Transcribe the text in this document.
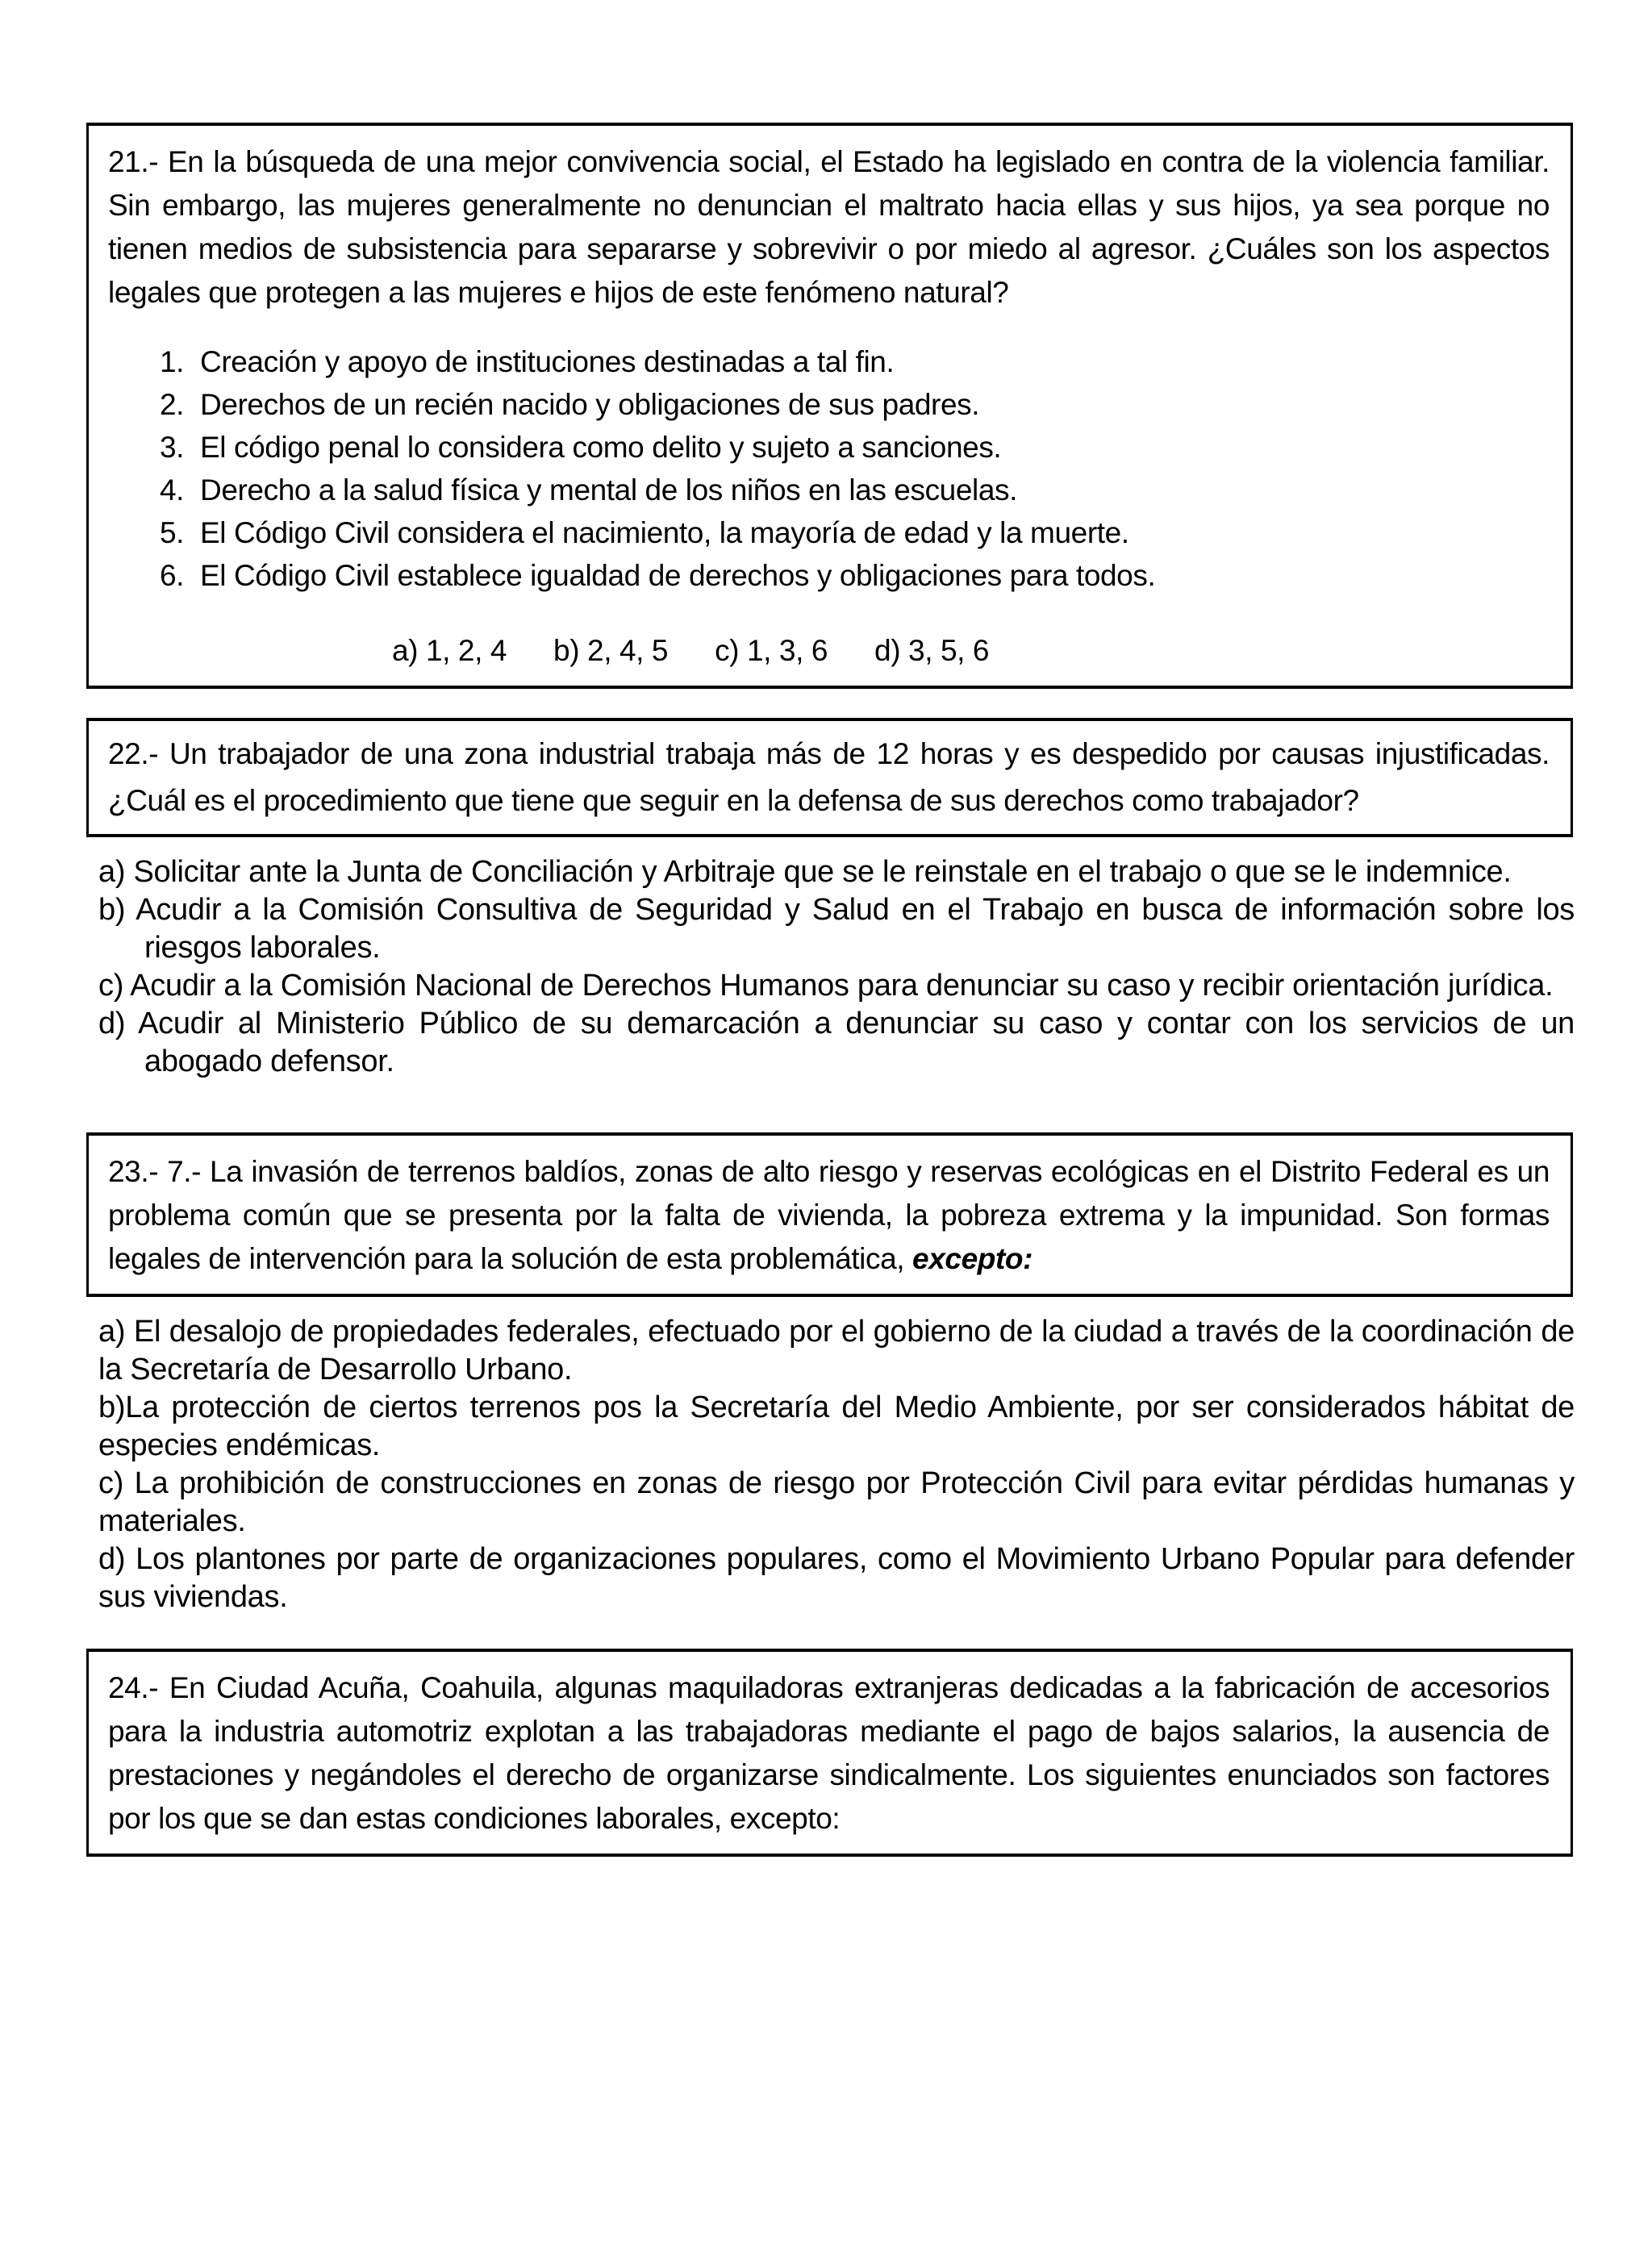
21.- En la búsqueda de una mejor convivencia social, el Estado ha legislado en contra de la violencia familiar. Sin embargo, las mujeres generalmente no denuncian el maltrato hacia ellas y sus hijos, ya sea porque no tienen medios de subsistencia para separarse y sobrevivir o por miedo al agresor. ¿Cuáles son los aspectos legales que protegen a las mujeres e hijos de este fenómeno natural?

1. Creación y apoyo de instituciones destinadas a tal fin.
2. Derechos de un recién nacido y obligaciones de sus padres.
3. El código penal lo considera como delito y sujeto a sanciones.
4. Derecho a la salud física y mental de los niños en las escuelas.
5. El Código Civil considera el nacimiento, la mayoría de edad y la muerte.
6. El Código Civil establece igualdad de derechos y obligaciones para todos.
a) 1, 2, 4 b) 2, 4, 5 c) 1, 3, 6 d) 3, 5, 6

22.- Un trabajador de una zona industrial trabaja más de 12 horas y es despedido por causas injustificadas. ¿Cuál es el procedimiento que tiene que seguir en la defensa de sus derechos como trabajador?

a) Solicitar ante la Junta de Conciliación y Arbitraje que se le reinstale en el trabajo o que se le indemnice.

b) Acudir a la Comisión Consultiva de Seguridad y Salud en el Trabajo en busca de información sobre los riesgos laborales.

c) Acudir a la Comisión Nacional de Derechos Humanos para denunciar su caso y recibir orientación jurídica.

d) Acudir al Ministerio Público de su demarcación a denunciar su caso y contar con los servicios de un abogado defensor.

23.- 7.- La invasión de terrenos baldíos, zonas de alto riesgo y reservas ecológicas en el Distrito Federal es un problema común que se presenta por la falta de vivienda, la pobreza extrema y la impunidad. Son formas legales de intervención para la solución de esta problemática, excepto:

a) El desalojo de propiedades federales, efectuado por el gobierno de la ciudad a través de la coordinación de la Secretaría de Desarrollo Urbano.

b)La protección de ciertos terrenos pos la Secretaría del Medio Ambiente, por ser considerados hábitat de especies endémicas.

c) La prohibición de construcciones en zonas de riesgo por Protección Civil para evitar pérdidas humanas y materiales.

d) Los plantones por parte de organizaciones populares, como el Movimiento Urbano Popular para defender sus viviendas.

24.- En Ciudad Acuña, Coahuila, algunas maquiladoras extranjeras dedicadas a la fabricación de accesorios para la industria automotriz explotan a las trabajadoras mediante el pago de bajos salarios, la ausencia de prestaciones y negándoles el derecho de organizarse sindicalmente. Los siguientes enunciados son factores por los que se dan estas condiciones laborales, excepto:
